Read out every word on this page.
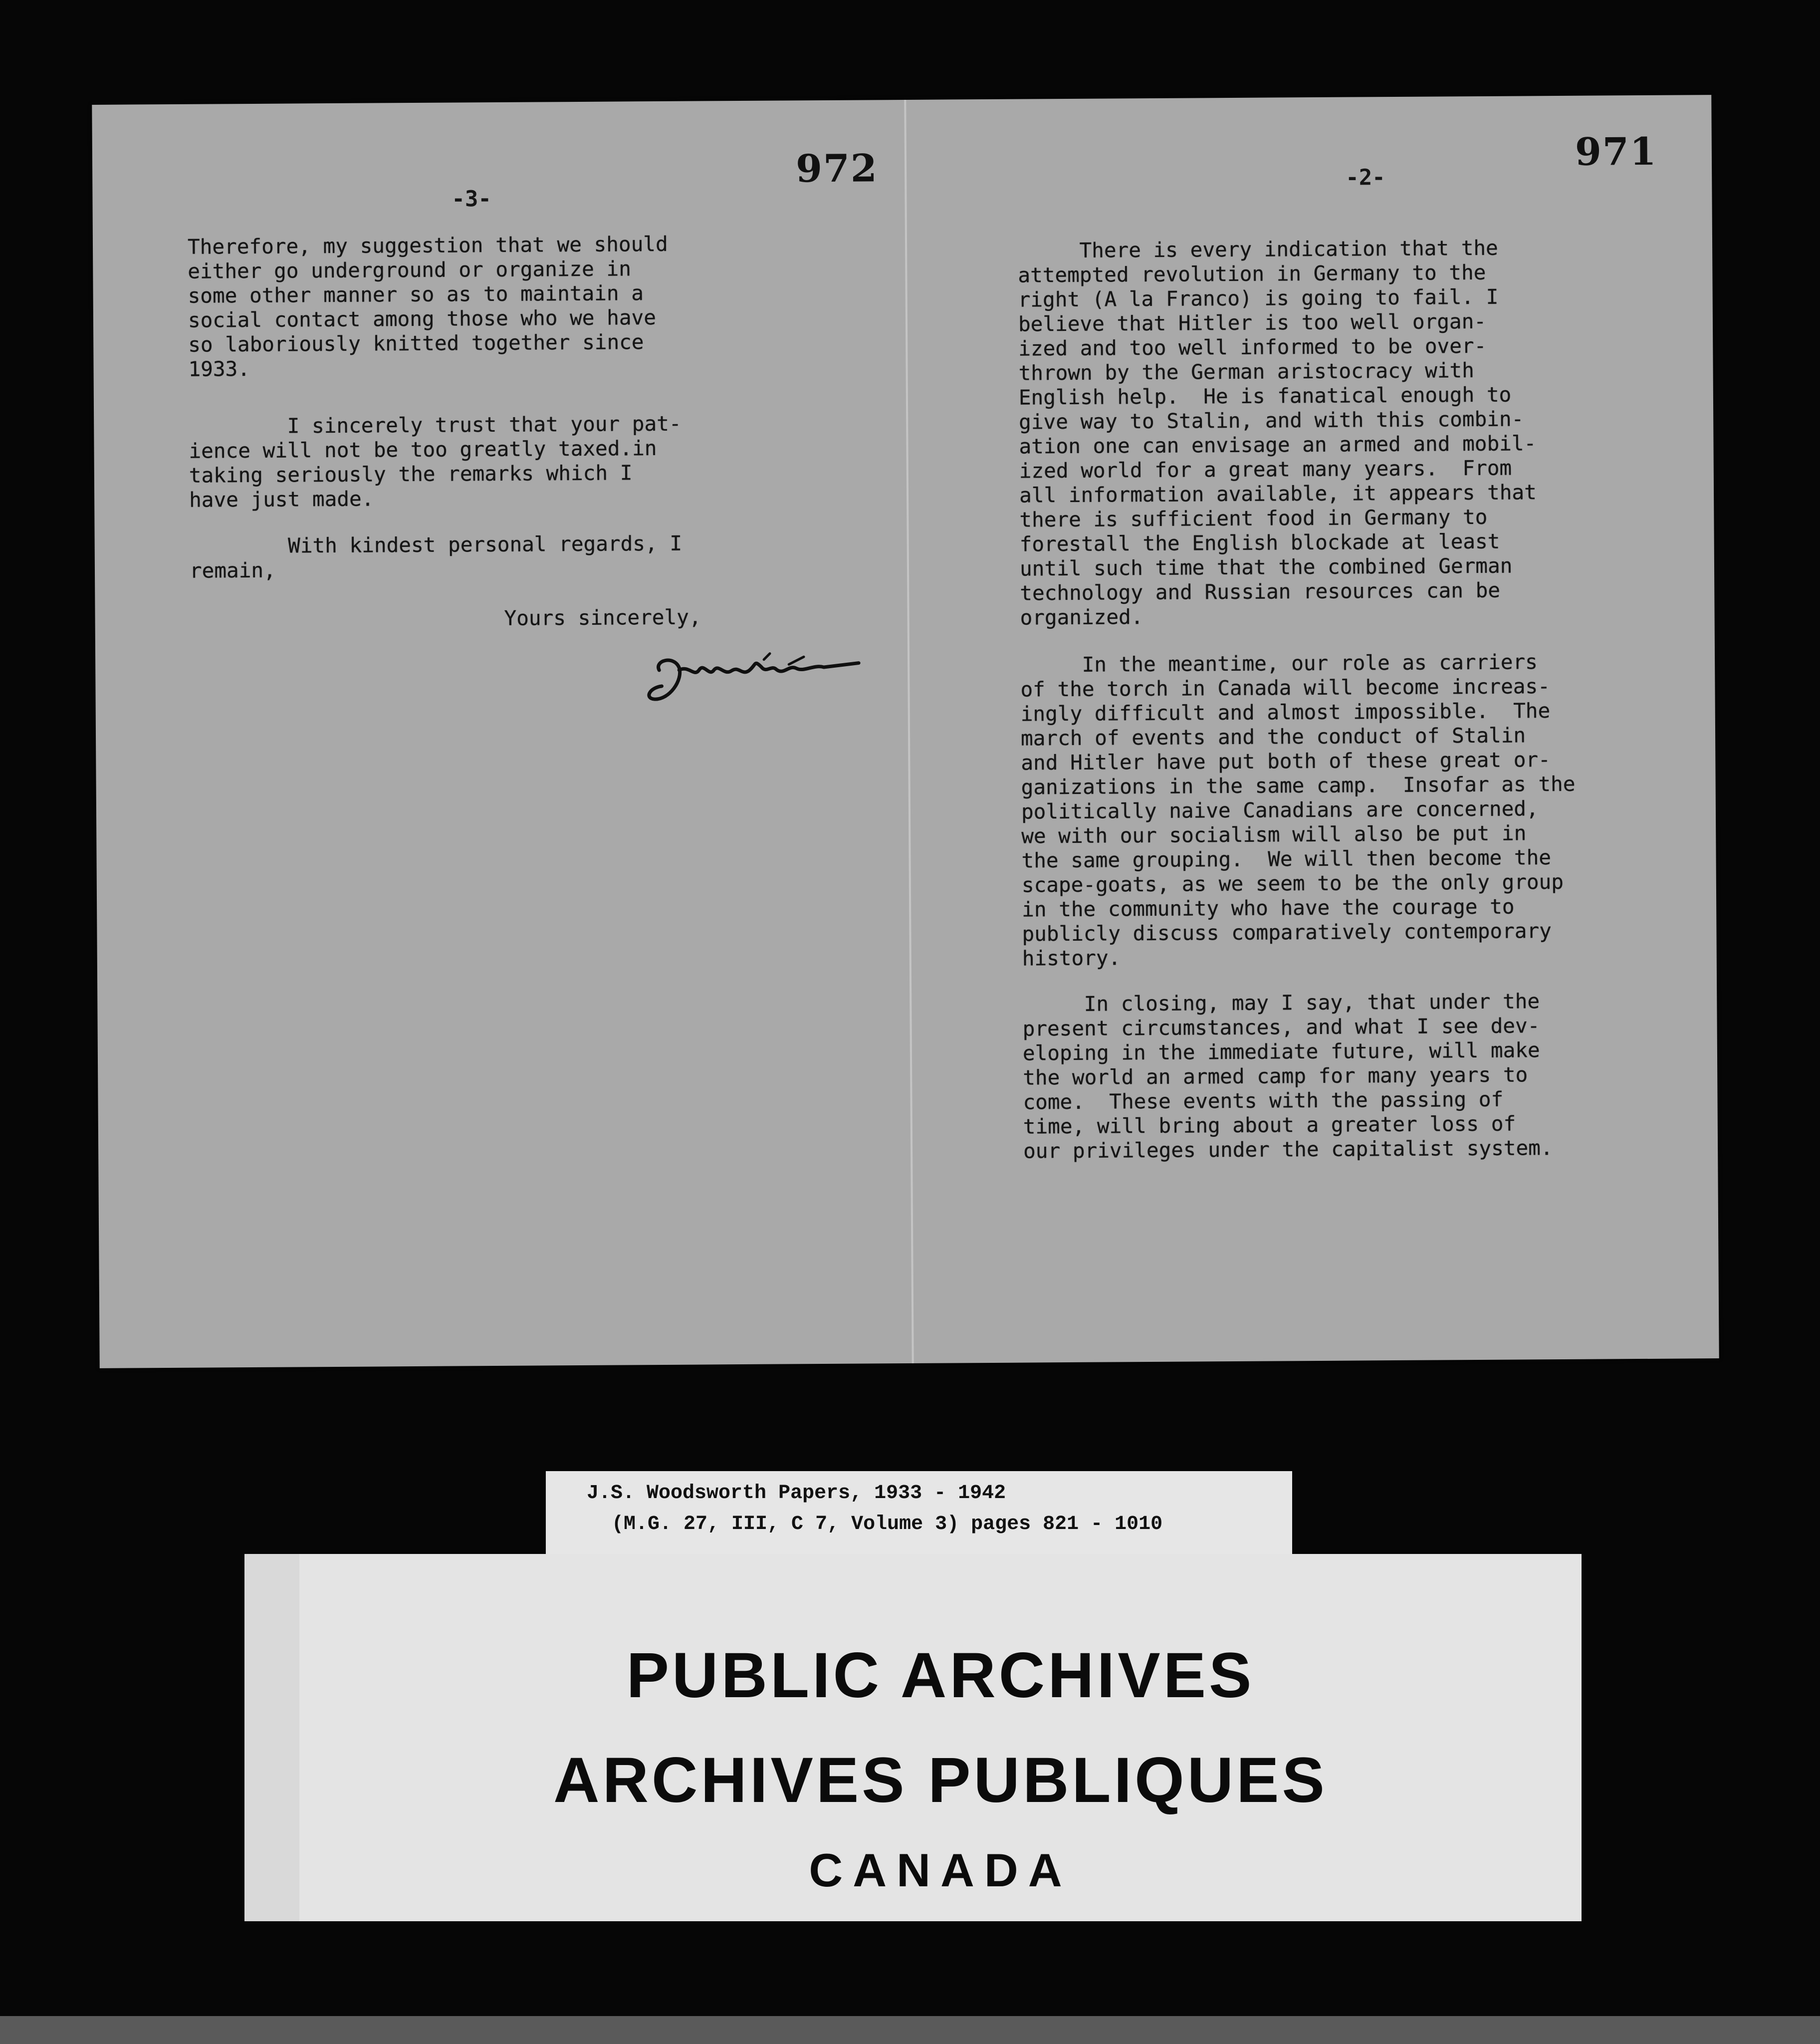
972
-3-
Therefore, my suggestion that we should
either go underground or organize in
some other manner so as to maintain a
social contact among those who we have
so laboriously knitted together since
1933.
I sincerely trust that your pat-
ience will not be too greatly taxed.in
taking seriously the remarks which I
have just made.
With kindest personal regards, I
remain,
Yours sincerely,
971
-2-
There is every indication that the
attempted revolution in Germany to the
right (A la Franco) is going to fail. I
believe that Hitler is too well organ-
ized and too well informed to be over-
thrown by the German aristocracy with
English help.  He is fanatical enough to
give way to Stalin, and with this combin-
ation one can envisage an armed and mobil-
ized world for a great many years.  From
all information available, it appears that
there is sufficient food in Germany to
forestall the English blockade at least
until such time that the combined German
technology and Russian resources can be
organized.
In the meantime, our role as carriers
of the torch in Canada will become increas-
ingly difficult and almost impossible.  The
march of events and the conduct of Stalin
and Hitler have put both of these great or-
ganizations in the same camp.  Insofar as the
politically naive Canadians are concerned,
we with our socialism will also be put in
the same grouping.  We will then become the
scape-goats, as we seem to be the only group
in the community who have the courage to
publicly discuss comparatively contemporary
history.
In closing, may I say, that under the
present circumstances, and what I see dev-
eloping in the immediate future, will make
the world an armed camp for many years to
come.  These events with the passing of
time, will bring about a greater loss of
our privileges under the capitalist system.
J.S. Woodsworth Papers, 1933 - 1942
(M.G. 27, III, C 7, Volume 3) pages 821 - 1010
PUBLIC ARCHIVES
ARCHIVES PUBLIQUES
CANADA
